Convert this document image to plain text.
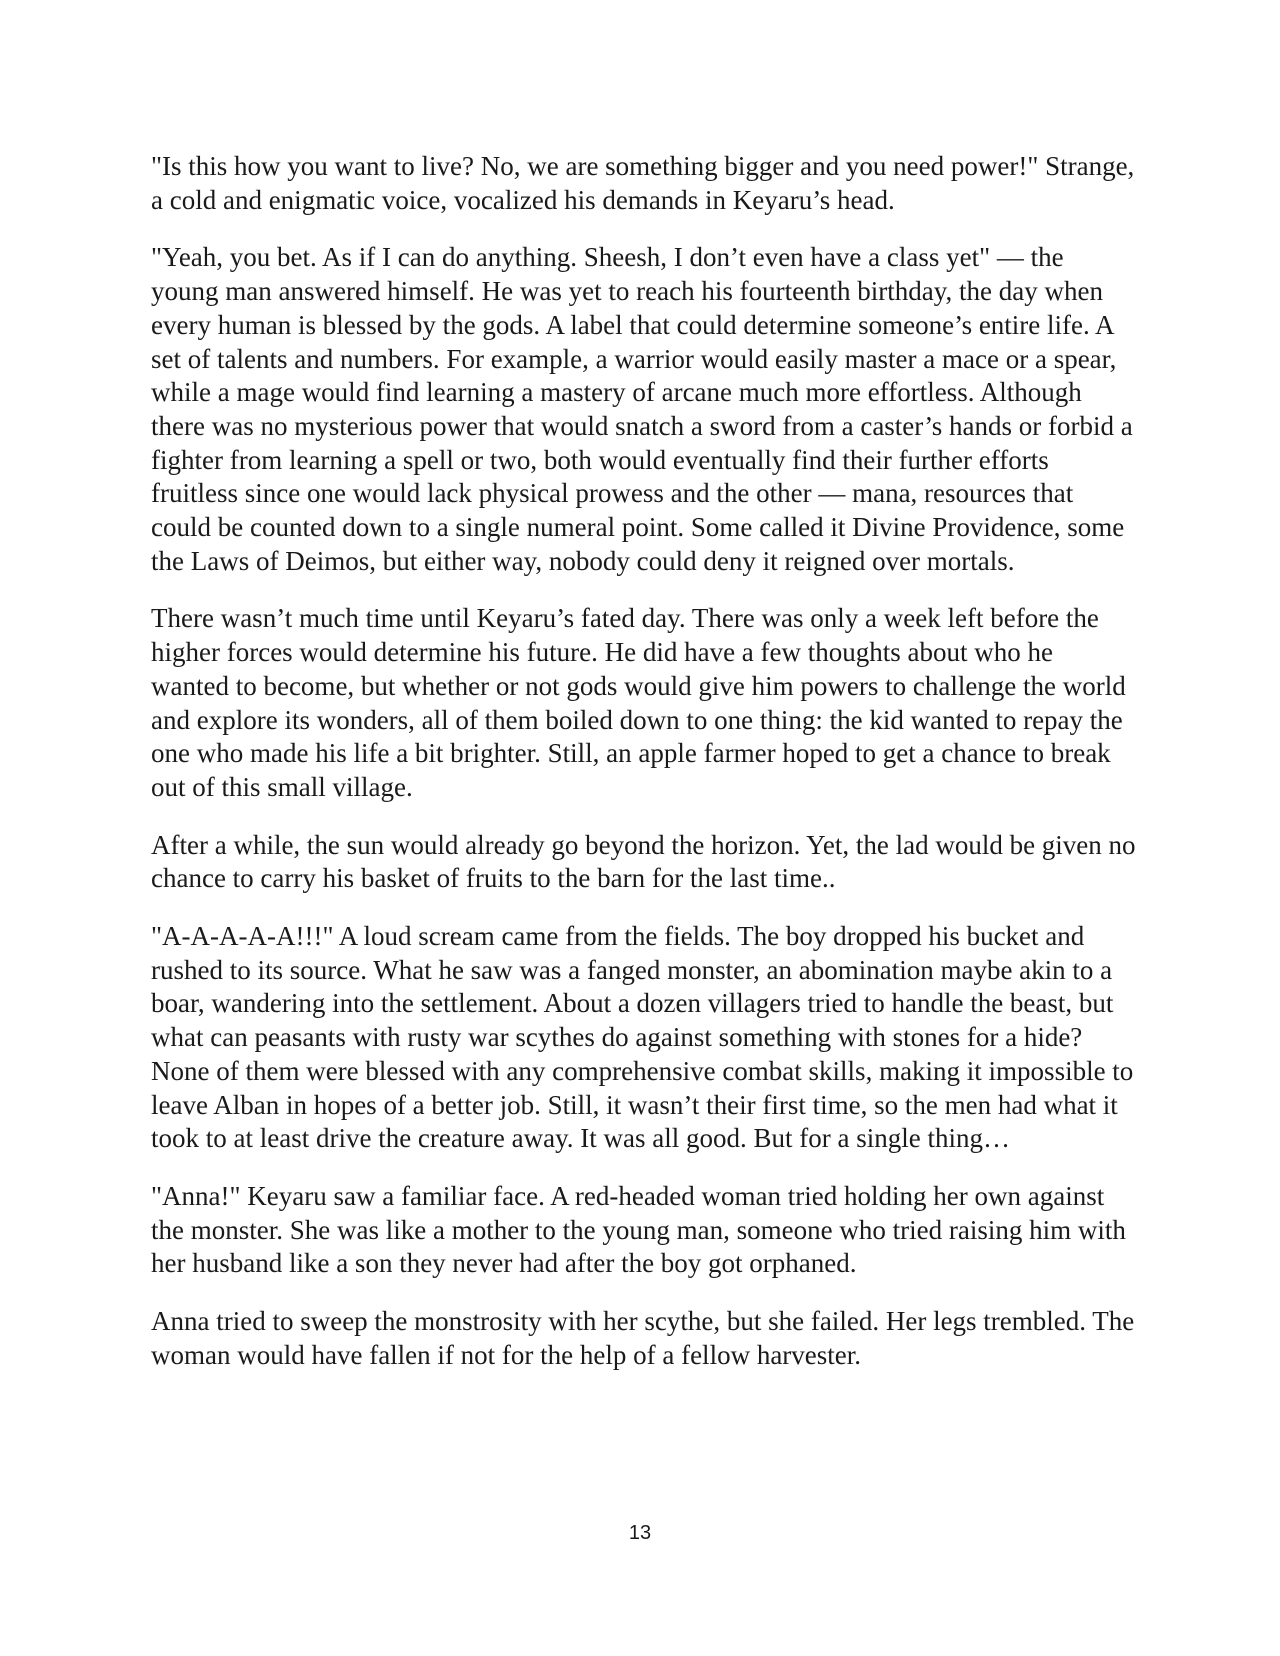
"Is this how you want to live? No, we are something bigger and you need power!" Strange, a cold and enigmatic voice, vocalized his demands in Keyaru’s head.

"Yeah, you bet. As if I can do anything. Sheesh, I don’t even have a class yet" — the young man answered himself. He was yet to reach his fourteenth birthday, the day when every human is blessed by the gods. A label that could determine someone’s entire life. A set of talents and numbers. For example, a warrior would easily master a mace or a spear, while a mage would find learning a mastery of arcane much more effortless. Although there was no mysterious power that would snatch a sword from a caster’s hands or forbid a fighter from learning a spell or two, both would eventually find their further efforts fruitless since one would lack physical prowess and the other — mana, resources that could be counted down to a single numeral point. Some called it Divine Providence, some the Laws of Deimos, but either way, nobody could deny it reigned over mortals.

There wasn’t much time until Keyaru’s fated day. There was only a week left before the higher forces would determine his future. He did have a few thoughts about who he wanted to become, but whether or not gods would give him powers to challenge the world and explore its wonders, all of them boiled down to one thing: the kid wanted to repay the one who made his life a bit brighter. Still, an apple farmer hoped to get a chance to break out of this small village.

After a while, the sun would already go beyond the horizon. Yet, the lad would be given no chance to carry his basket of fruits to the barn for the last time..

"A-A-A-A-A!!!" A loud scream came from the fields. The boy dropped his bucket and rushed to its source. What he saw was a fanged monster, an abomination maybe akin to a boar, wandering into the settlement. About a dozen villagers tried to handle the beast, but what can peasants with rusty war scythes do against something with stones for a hide? None of them were blessed with any comprehensive combat skills, making it impossible to leave Alban in hopes of a better job. Still, it wasn’t their first time, so the men had what it took to at least drive the creature away. It was all good. But for a single thing…

"Anna!" Keyaru saw a familiar face. A red-headed woman tried holding her own against the monster. She was like a mother to the young man, someone who tried raising him with her husband like a son they never had after the boy got orphaned.

Anna tried to sweep the monstrosity with her scythe, but she failed. Her legs trembled. The woman would have fallen if not for the help of a fellow harvester.

13
